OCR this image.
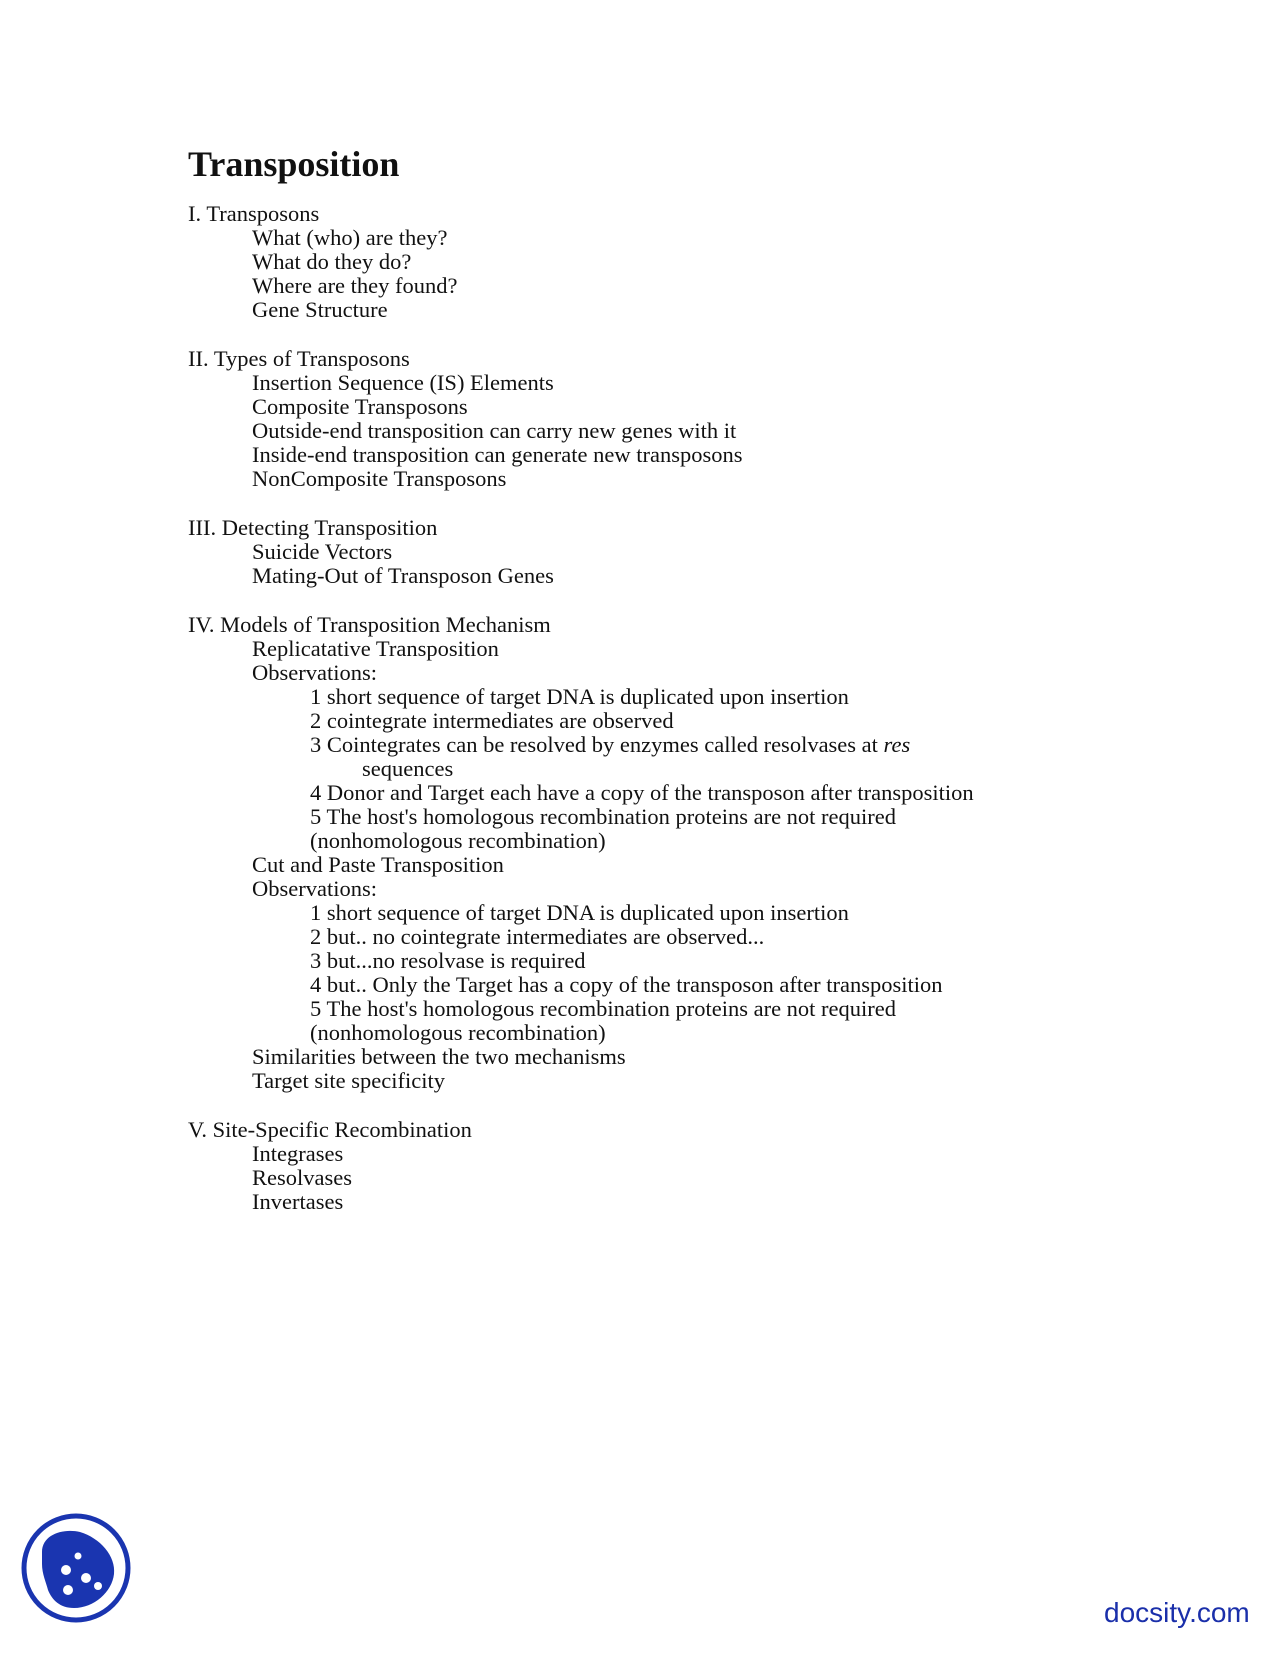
Transposition
I. Transposons
What (who) are they?
What do they do?
Where are they found?
Gene Structure
II. Types of Transposons
Insertion Sequence (IS) Elements
Composite Transposons
Outside-end transposition can carry new genes with it
Inside-end transposition can generate new transposons
NonComposite Transposons
III. Detecting Transposition
Suicide Vectors
Mating-Out of Transposon Genes
IV. Models of Transposition Mechanism
Replicatative Transposition
Observations:
1 short sequence of target DNA is duplicated upon insertion
2 cointegrate intermediates are observed
3 Cointegrates can be resolved by enzymes called resolvases at res
sequences
4 Donor and Target each have a copy of the transposon after transposition
5 The host's homologous recombination proteins are not required
(nonhomologous recombination)
Cut and Paste Transposition
Observations:
1 short sequence of target DNA is duplicated upon insertion
2 but.. no cointegrate intermediates are observed...
3 but...no resolvase is required
4 but.. Only the Target has a copy of the transposon after transposition
5 The host's homologous recombination proteins are not required
(nonhomologous recombination)
Similarities between the two mechanisms
Target site specificity
V. Site-Specific Recombination
Integrases
Resolvases
Invertases
docsity.com
